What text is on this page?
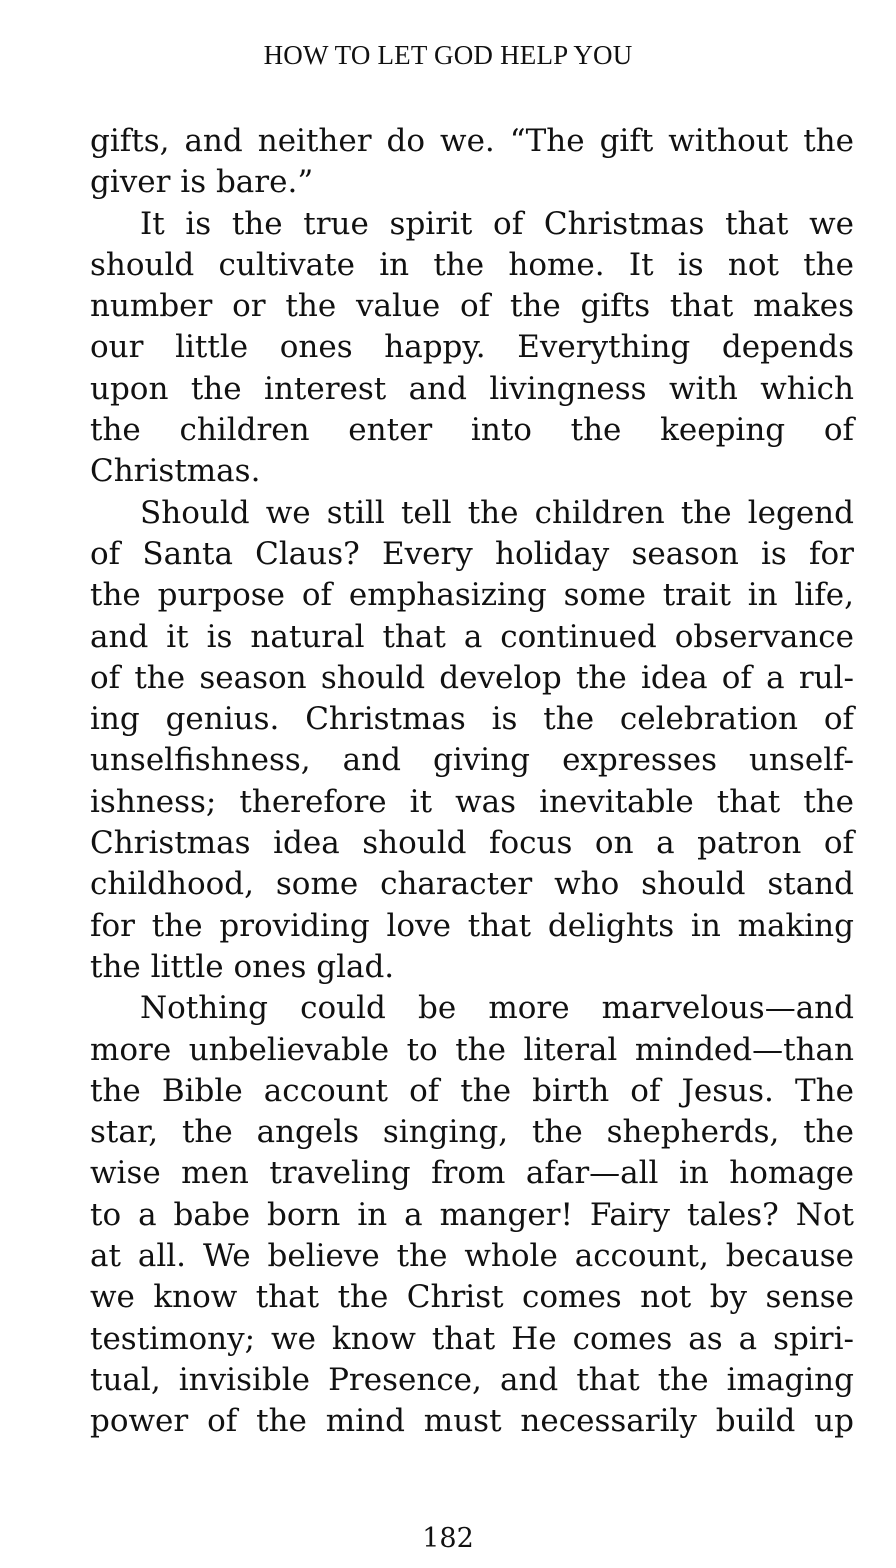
HOW TO LET GOD HELP YOU
gifts, and neither do we. “The gift without the
giver is bare.”
It is the true spirit of Christmas that we
should cultivate in the home. It is not the
number or the value of the gifts that makes
our little ones happy. Everything depends
upon the interest and livingness with which
the children enter into the keeping of
Christmas.
Should we still tell the children the legend
of Santa Claus? Every holiday season is for
the purpose of emphasizing some trait in life,
and it is natural that a continued observance
of the season should develop the idea of a rul-
ing genius. Christmas is the celebration of
unselfishness, and giving expresses unself-
ishness; therefore it was inevitable that the
Christmas idea should focus on a patron of
childhood, some character who should stand
for the providing love that delights in making
the little ones glad.
Nothing could be more marvelous—and
more unbelievable to the literal minded—than
the Bible account of the birth of Jesus. The
star, the angels singing, the shepherds, the
wise men traveling from afar—all in homage
to a babe born in a manger! Fairy tales? Not
at all. We believe the whole account, because
we know that the Christ comes not by sense
testimony; we know that He comes as a spiri-
tual, invisible Presence, and that the imaging
power of the mind must necessarily build up
182
